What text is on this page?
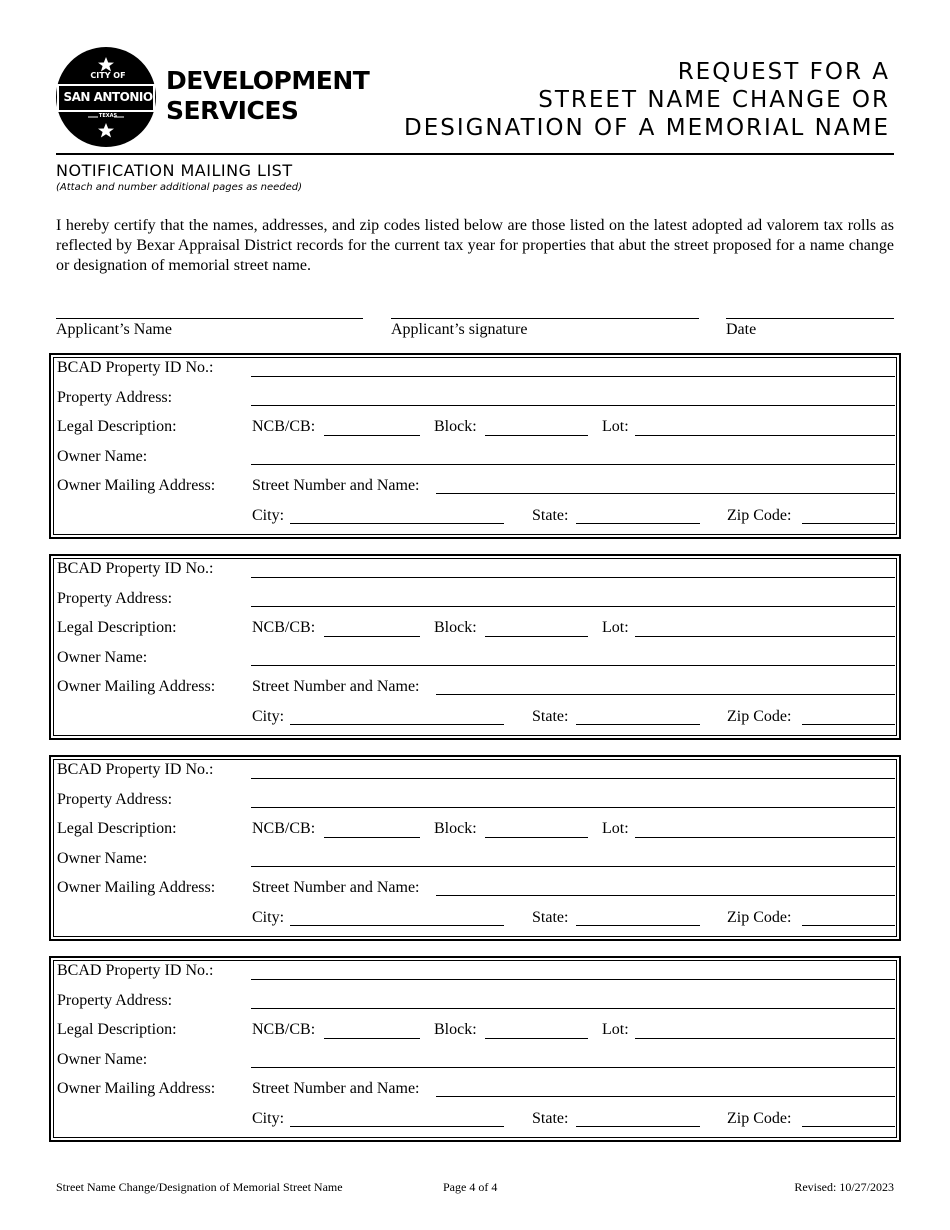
CITY OF
SAN ANTONIO
TEXAS
DEVELOPMENT
SERVICES
REQUEST FOR A
STREET NAME CHANGE OR
DESIGNATION OF A MEMORIAL NAME
NOTIFICATION MAILING LIST
(Attach and number additional pages as needed)
I hereby certify that the names, addresses, and zip codes listed below are those listed on the latest adopted ad valorem tax rolls as reflected by Bexar Appraisal District records for the current tax year for properties that abut the street proposed for a name change or designation of memorial street name.
Applicant’s Name	Applicant’s signature	Date
BCAD Property ID No.:
Property Address:
Legal Description:	NCB/CB:	Block:	Lot:
Owner Name:
Owner Mailing Address: Street Number and Name:
City:	State:	Zip Code:
BCAD Property ID No.:
Property Address:
Legal Description:	NCB/CB:	Block:	Lot:
Owner Name:
Owner Mailing Address: Street Number and Name:
City:	State:	Zip Code:
BCAD Property ID No.:
Property Address:
Legal Description:	NCB/CB:	Block:	Lot:
Owner Name:
Owner Mailing Address: Street Number and Name:
City:	State:	Zip Code:
BCAD Property ID No.:
Property Address:
Legal Description:	NCB/CB:	Block:	Lot:
Owner Name:
Owner Mailing Address: Street Number and Name:
City:	State:	Zip Code:
Street Name Change/Designation of Memorial Street Name	Page 4 of 4	Revised: 10/27/2023
